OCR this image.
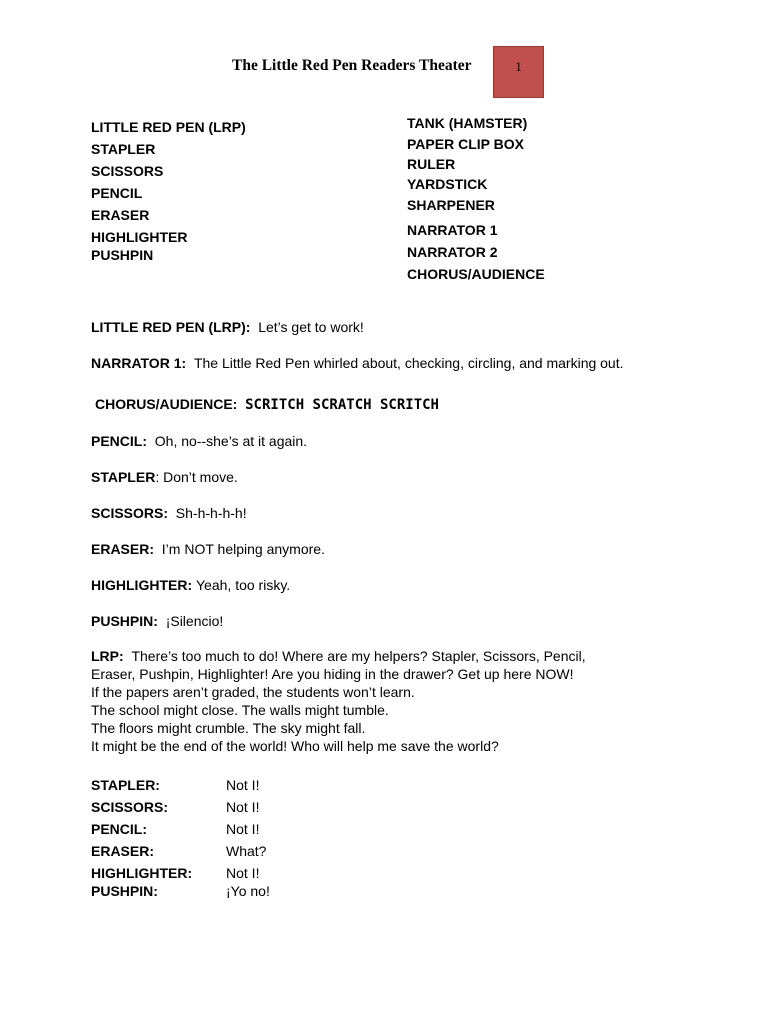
The Little Red Pen Readers Theater	1
LITTLE RED PEN (LRP)
STAPLER
SCISSORS
PENCIL
ERASER
HIGHLIGHTER
PUSHPIN
TANK (HAMSTER)
PAPER CLIP BOX
RULER
YARDSTICK
SHARPENER
NARRATOR 1
NARRATOR 2
CHORUS/AUDIENCE
LITTLE RED PEN (LRP): Let’s get to work!
NARRATOR 1: The Little Red Pen whirled about, checking, circling, and marking out.
CHORUS/AUDIENCE: SCRITCH SCRATCH SCRITCH
PENCIL: Oh, no--she’s at it again.
STAPLER: Don’t move.
SCISSORS: Sh-h-h-h-h!
ERASER: I’m NOT helping anymore.
HIGHLIGHTER: Yeah, too risky.
PUSHPIN: ¡Silencio!
LRP: There’s too much to do! Where are my helpers? Stapler, Scissors, Pencil,
Eraser, Pushpin, Highlighter! Are you hiding in the drawer? Get up here NOW!
If the papers aren’t graded, the students won’t learn.
The school might close. The walls might tumble.
The floors might crumble. The sky might fall.
It might be the end of the world! Who will help me save the world?
STAPLER:	Not I!
SCISSORS:	Not I!
PENCIL:	Not I!
ERASER:	What?
HIGHLIGHTER: Not I!
PUSHPIN:	¡Yo no!
